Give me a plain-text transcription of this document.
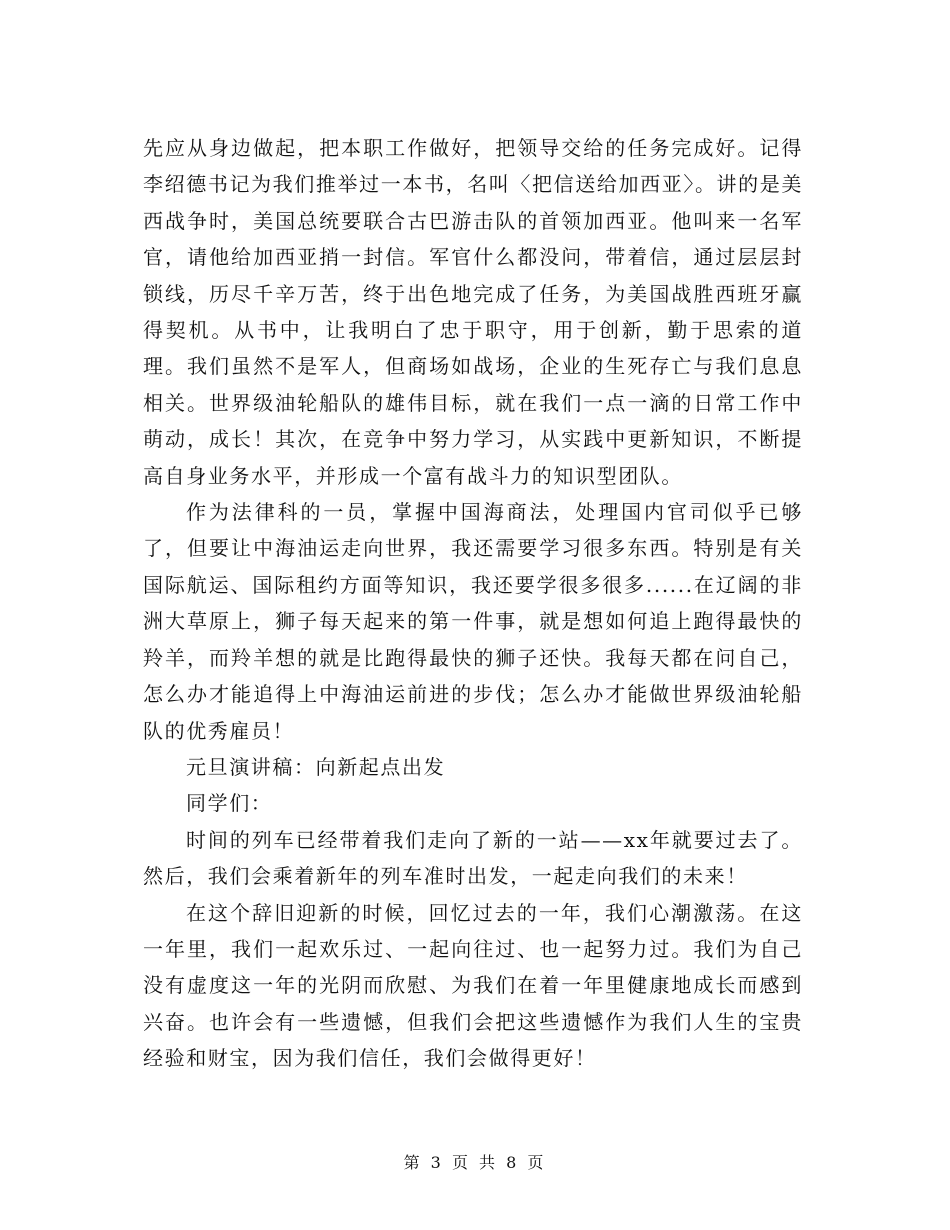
先应从身边做起，把本职工作做好，把领导交给的任务完成好。记得李绍德书记为我们推举过一本书，名叫〈把信送给加西亚〉。讲的是美西战争时，美国总统要联合古巴游击队的首领加西亚。他叫来一名军官，请他给加西亚捎一封信。军官什么都没问，带着信，通过层层封锁线，历尽千辛万苦，终于出色地完成了任务，为美国战胜西班牙赢得契机。从书中，让我明白了忠于职守，用于创新，勤于思索的道理。我们虽然不是军人，但商场如战场，企业的生死存亡与我们息息相关。世界级油轮船队的雄伟目标，就在我们一点一滴的日常工作中萌动，成长！其次，在竞争中努力学习，从实践中更新知识，不断提高自身业务水平，并形成一个富有战斗力的知识型团队。

作为法律科的一员，掌握中国海商法，处理国内官司似乎已够了，但要让中海油运走向世界，我还需要学习很多东西。特别是有关国际航运、国际租约方面等知识，我还要学很多很多......在辽阔的非洲大草原上，狮子每天起来的第一件事，就是想如何追上跑得最快的羚羊，而羚羊想的就是比跑得最快的狮子还快。我每天都在问自己，怎么办才能追得上中海油运前进的步伐；怎么办才能做世界级油轮船队的优秀雇员！

元旦演讲稿：向新起点出发

同学们：

时间的列车已经带着我们走向了新的一站——xx年就要过去了。然后，我们会乘着新年的列车准时出发，一起走向我们的未来！

在这个辞旧迎新的时候，回忆过去的一年，我们心潮激荡。在这一年里，我们一起欢乐过、一起向往过、也一起努力过。我们为自己没有虚度这一年的光阴而欣慰、为我们在着一年里健康地成长而感到兴奋。也许会有一些遗憾，但我们会把这些遗憾作为我们人生的宝贵经验和财宝，因为我们信任，我们会做得更好！

第 3 页 共 8 页
